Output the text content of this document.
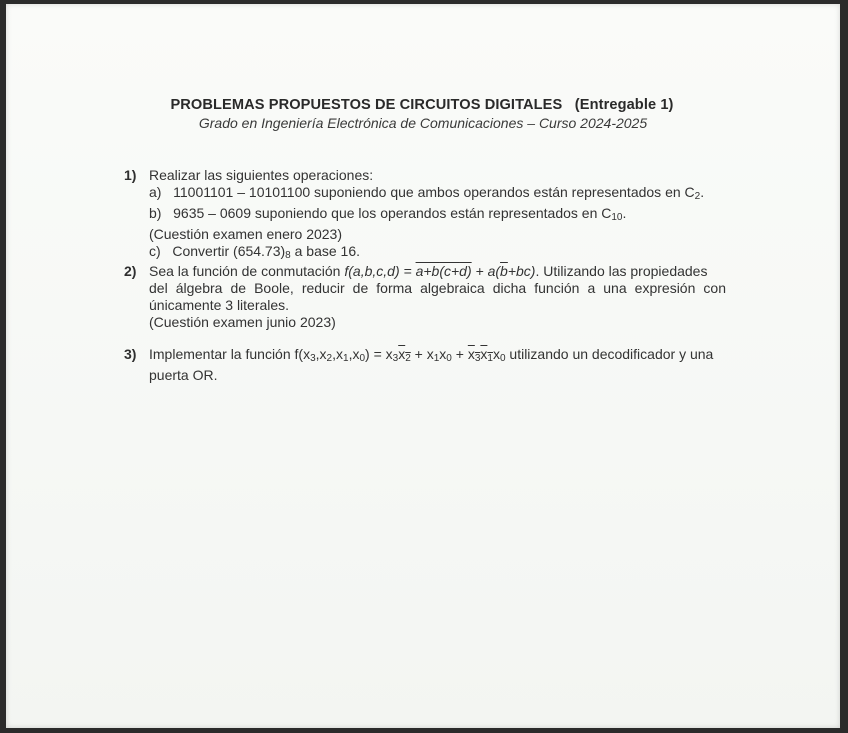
PROBLEMAS PROPUESTOS DE CIRCUITOS DIGITALES   (Entregable 1)
Grado en Ingeniería Electrónica de Comunicaciones – Curso 2024-2025
1) Realizar las siguientes operaciones:
a) 11001101 – 10101100 suponiendo que ambos operandos están representados en C2.
b) 9635 – 0609 suponiendo que los operandos están representados en C10.
(Cuestión examen enero 2023)
c) Convertir (654.73)8 a base 16.
2) Sea la función de conmutación $f(a,b,c,d) = a+b(c+d) + a(\overline{b}+bc)$. Utilizando las propiedades
del álgebra de Boole, reducir de forma algebraica dicha función a una expresión con
únicamente 3 literales.
(Cuestión examen junio 2023)
3) Implementar la función f(x3,x2,x1,x0) = x3x2 + x1x0 + x3x1x0 utilizando un decodificador y una
puerta OR.
